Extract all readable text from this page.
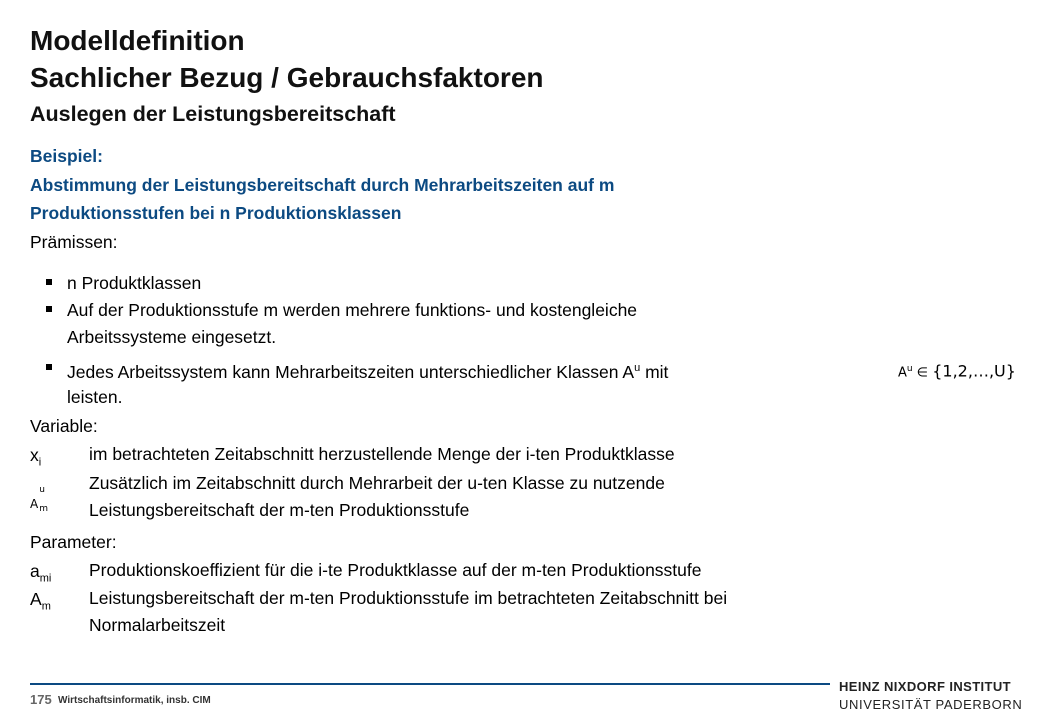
Modelldefinition
Sachlicher Bezug / Gebrauchsfaktoren
Auslegen der Leistungsbereitschaft
Beispiel:
Abstimmung der Leistungsbereitschaft durch Mehrarbeitszeiten auf m
Produktionsstufen bei n Produktionsklassen
Prämissen:
n Produktklassen
Auf der Produktionsstufe m werden mehrere funktions- und kostengleiche
Arbeitssysteme eingesetzt.
Jedes Arbeitssystem kann Mehrarbeitszeiten unterschiedlicher Klassen $A^u$ mit	$A^u$ ∈ {1,2,…,U}
leisten.
Variable:
$x_i$	im betrachteten Zeitabschnitt herzustellende Menge der i-ten Produktklasse
A
u
$_m$
Zusätzlich im Zeitabschnitt durch Mehrarbeit der u-ten Klasse zu nutzende
Leistungsbereitschaft der m-ten Produktionsstufe
Parameter:
$a_{mi}$ Produktionskoeffizient für die i-te Produktklasse auf der m-ten Produktionsstufe
$A_m$ Leistungsbereitschaft der m-ten Produktionsstufe im betrachteten Zeitabschnitt bei
Normalarbeitszeit
175 Wirtschaftsinformatik, insb. CIM
HEINZ NIXDORF INSTITUT
UNIVERSITÄT PADERBORN
